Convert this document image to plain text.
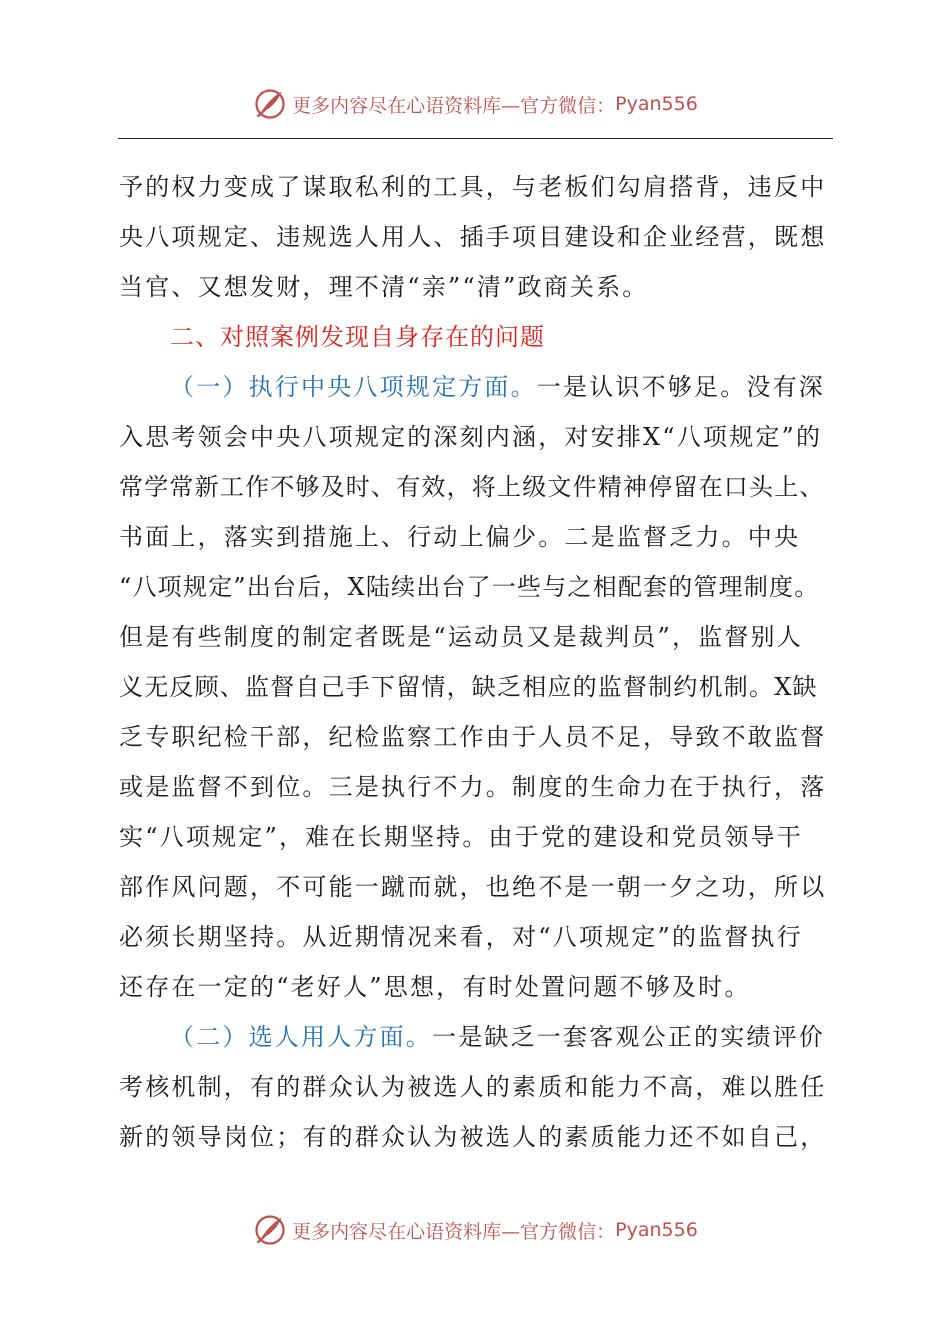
更多内容尽在心语资料库—官方微信： Pyan556
予的权力变成了谋取私利的工具，与老板们勾肩搭背，违反中
央八项规定、违规选人用人、插手项目建设和企业经营，既想
当官、又想发财，理不清“亲”“清”政商关系。
二、对照案例发现自身存在的问题
（一）执行中央八项规定方面。一是认识不够足。没有深
入思考领会中央八项规定的深刻内涵，对安排X“八项规定”的
常学常新工作不够及时、有效，将上级文件精神停留在口头上、
书面上，落实到措施上、行动上偏少。二是监督乏力。中央
“八项规定”出台后，X陆续出台了一些与之相配套的管理制度。
但是有些制度的制定者既是“运动员又是裁判员”，监督别人
义无反顾、监督自己手下留情，缺乏相应的监督制约机制。X缺
乏专职纪检干部，纪检监察工作由于人员不足，导致不敢监督
或是监督不到位。三是执行不力。制度的生命力在于执行，落
实“八项规定”，难在长期坚持。由于党的建设和党员领导干
部作风问题，不可能一蹴而就，也绝不是一朝一夕之功，所以
必须长期坚持。从近期情况来看，对“八项规定”的监督执行
还存在一定的“老好人”思想，有时处置问题不够及时。
（二）选人用人方面。一是缺乏一套客观公正的实绩评价
考核机制，有的群众认为被选人的素质和能力不高，难以胜任
新的领导岗位；有的群众认为被选人的素质能力还不如自己，
更多内容尽在心语资料库—官方微信： Pyan556
